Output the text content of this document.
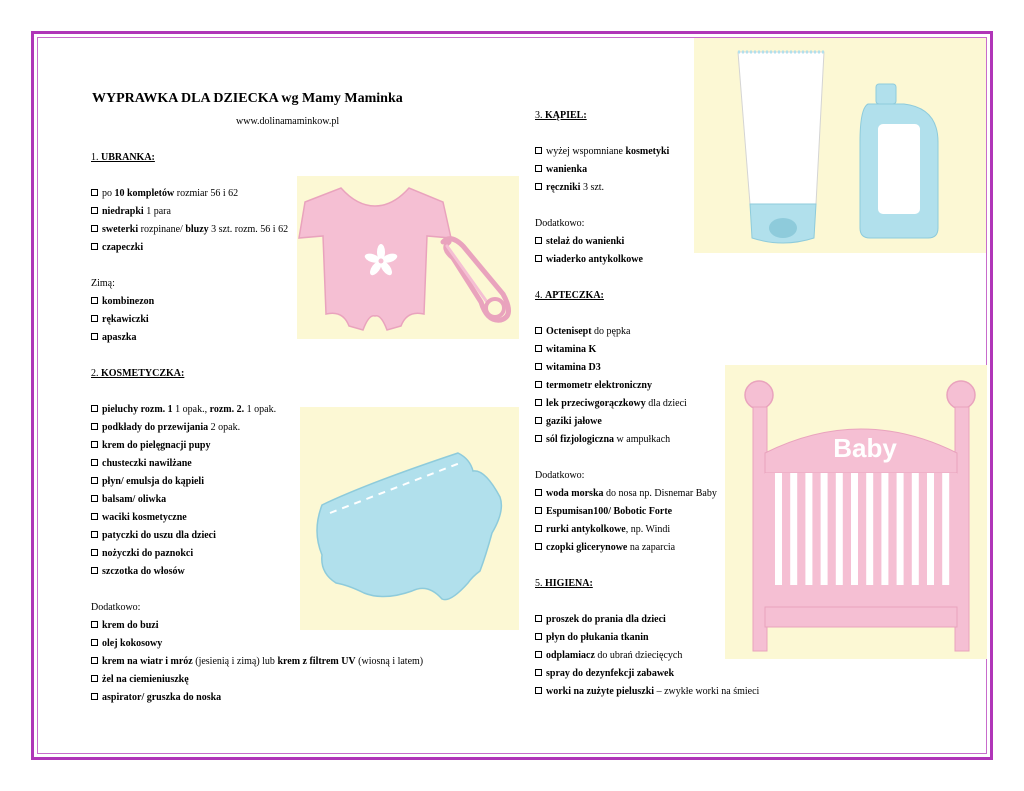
WYPRAWKA DLA DZIECKA wg Mamy Maminka
www.dolinamaminkow.pl
1. UBRANKA:
po 10 kompletów rozmiar 56 i 62
niedrapki 1 para
sweterki rozpinane/ bluzy 3 szt. rozm. 56 i 62
czapeczki
Zimą:
kombinezon
rękawiczki
apaszka
2. KOSMETYCZKA:
pieluchy rozm. 1 1 opak., rozm. 2. 1 opak.
podkłady do przewijania 2 opak.
krem do pielęgnacji pupy
chusteczki nawilżane
płyn/ emulsja do kąpieli
balsam/ oliwka
waciki kosmetyczne
patyczki do uszu dla dzieci
nożyczki do paznokci
szczotka do włosów
Dodatkowo:
krem do buzi
olej kokosowy
krem na wiatr i mróz (jesienią i zimą) lub krem z filtrem UV (wiosną i latem)
żel na ciemieniuszkę
aspirator/ gruszka do noska
3. KĄPIEL:
wyżej wspomniane kosmetyki
wanienka
ręczniki 3 szt.
Dodatkowo:
stelaż do wanienki
wiaderko antykolkowe
4. APTECZKA:
Octenisept do pępka
witamina K
witamina D3
termometr elektroniczny
lek przeciwgorączkowy dla dzieci
gaziki jałowe
sól fizjologiczna w ampułkach
Dodatkowo:
woda morska do nosa np. Disnemar Baby
Espumisan100/ Bobotic Forte
rurki antykolkowe, np. Windi
czopki glicerynowe na zaparcia
5. HIGIENA:
proszek do prania dla dzieci
płyn do płukania tkanin
odplamiacz do ubrań dziecięcych
spray do dezynfekcji zabawek
worki na zużyte pieluszki – zwykłe worki na śmieci
Baby
